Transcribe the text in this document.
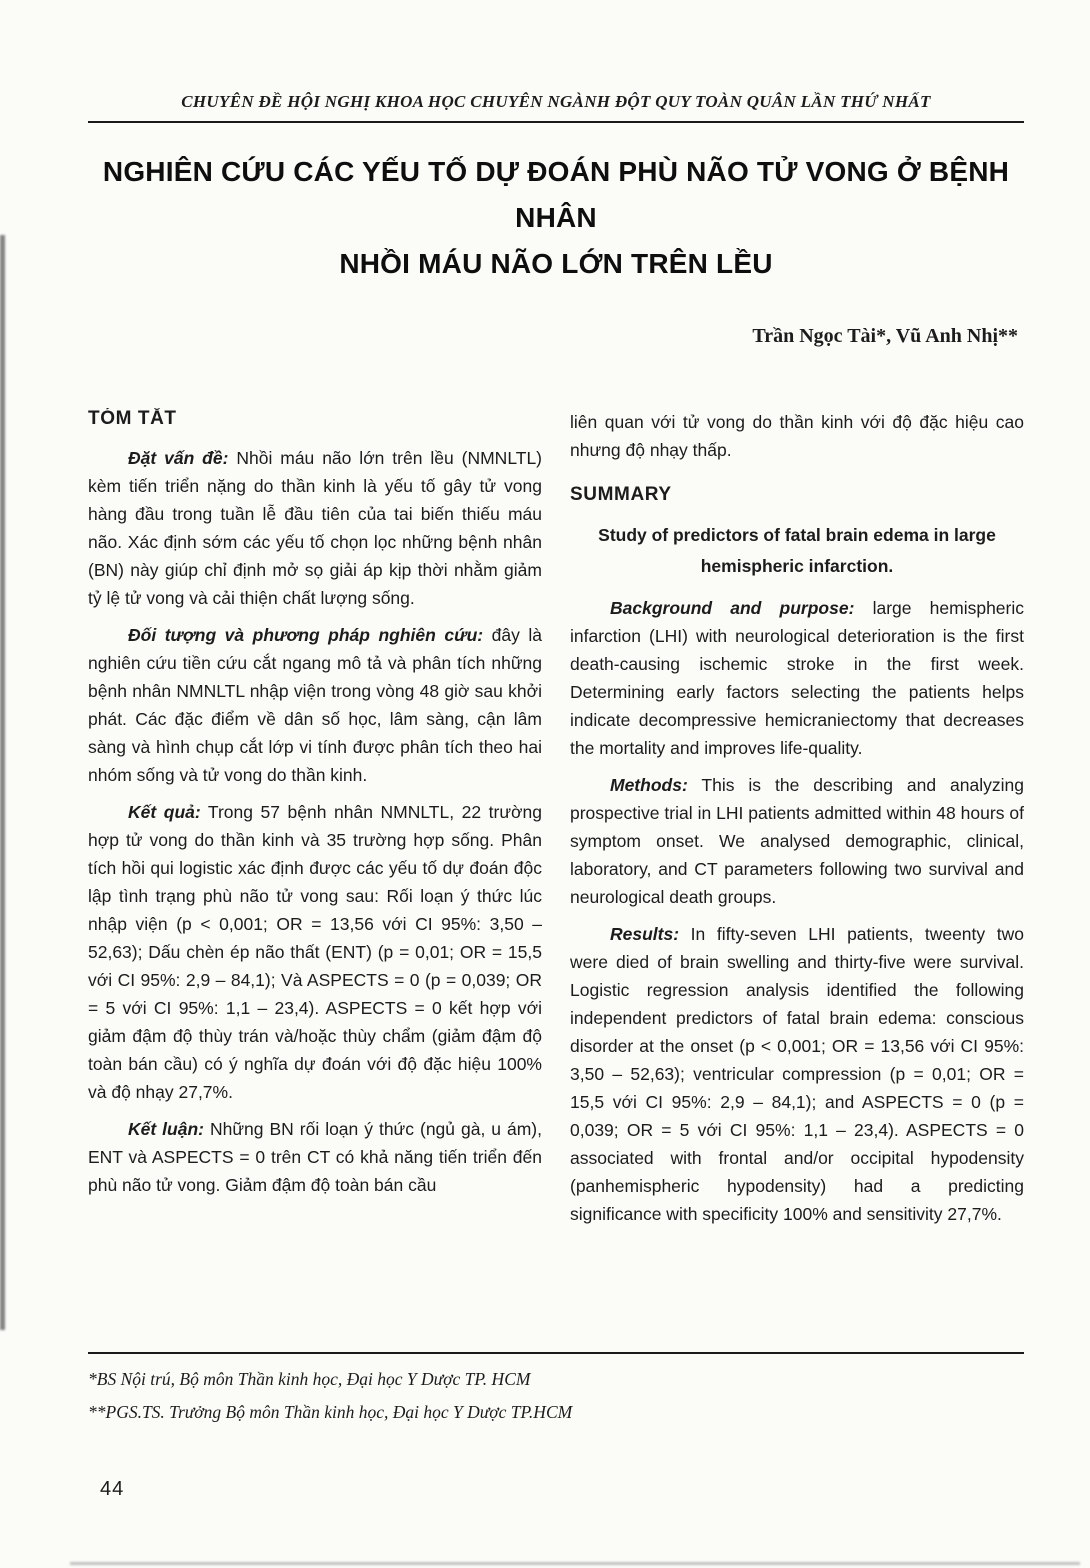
CHUYÊN ĐỀ HỘI NGHỊ KHOA HỌC CHUYÊN NGÀNH ĐỘT QUY TOÀN QUÂN LẦN THỨ NHẤT
NGHIÊN CỨU CÁC YẾU TỐ DỰ ĐOÁN PHÙ NÃO TỬ VONG Ở BỆNH NHÂN
NHỒI MÁU NÃO LỚN TRÊN LỀU
Trần Ngọc Tài*, Vũ Anh Nhị**
TÓM TẮT

Đặt vấn đề: Nhồi máu não lớn trên lều (NMNLTL) kèm tiến triển nặng do thần kinh là yếu tố gây tử vong hàng đầu trong tuần lễ đầu tiên của tai biến thiếu máu não. Xác định sớm các yếu tố chọn lọc những bệnh nhân (BN) này giúp chỉ định mở sọ giải áp kịp thời nhằm giảm tỷ lệ tử vong và cải thiện chất lượng sống.

Đối tượng và phương pháp nghiên cứu: đây là nghiên cứu tiền cứu cắt ngang mô tả và phân tích những bệnh nhân NMNLTL nhập viện trong vòng 48 giờ sau khởi phát. Các đặc điểm về dân số học, lâm sàng, cận lâm sàng và hình chụp cắt lớp vi tính được phân tích theo hai nhóm sống và tử vong do thần kinh.

Kết quả: Trong 57 bệnh nhân NMNLTL, 22 trường hợp tử vong do thần kinh và 35 trường hợp sống. Phân tích hồi qui logistic xác định được các yếu tố dự đoán độc lập tình trạng phù não tử vong sau: Rối loạn ý thức lúc nhập viện (p < 0,001; OR = 13,56 với CI 95%: 3,50 – 52,63); Dấu chèn ép não thất (ENT) (p = 0,01; OR = 15,5 với CI 95%: 2,9 – 84,1); Và ASPECTS = 0 (p = 0,039; OR = 5 với CI 95%: 1,1 – 23,4). ASPECTS = 0 kết hợp với giảm đậm độ thùy trán và/hoặc thùy chẩm (giảm đậm độ toàn bán cầu) có ý nghĩa dự đoán với độ đặc hiệu 100% và độ nhạy 27,7%.

Kết luận: Những BN rối loạn ý thức (ngủ gà, u ám), ENT và ASPECTS = 0 trên CT có khả năng tiến triển đến phù não tử vong. Giảm đậm độ toàn bán cầu

liên quan với tử vong do thần kinh với độ đặc hiệu cao nhưng độ nhạy thấp.

SUMMARY

Study of predictors of fatal brain edema in large hemispheric infarction.

Background and purpose: large hemispheric infarction (LHI) with neurological deterioration is the first death-causing ischemic stroke in the first week. Determining early factors selecting the patients helps indicate decompressive hemicraniectomy that decreases the mortality and improves life-quality.

Methods: This is the describing and analyzing prospective trial in LHI patients admitted within 48 hours of symptom onset. We analysed demographic, clinical, laboratory, and CT parameters following two survival and neurological death groups.

Results: In fifty-seven LHI patients, tweenty two were died of brain swelling and thirty-five were survival. Logistic regression analysis identified the following independent predictors of fatal brain edema: conscious disorder at the onset (p < 0,001; OR = 13,56 với CI 95%: 3,50 – 52,63); ventricular compression (p = 0,01; OR = 15,5 với CI 95%: 2,9 – 84,1); and ASPECTS = 0 (p = 0,039; OR = 5 với CI 95%: 1,1 – 23,4). ASPECTS = 0 associated with frontal and/or occipital hypodensity (panhemispheric hypodensity) had a predicting significance with specificity 100% and sensitivity 27,7%.

*BS Nội trú, Bộ môn Thần kinh học, Đại học Y Dược TP. HCM
**PGS.TS. Trưởng Bộ môn Thần kinh học, Đại học Y Dược TP.HCM
44
